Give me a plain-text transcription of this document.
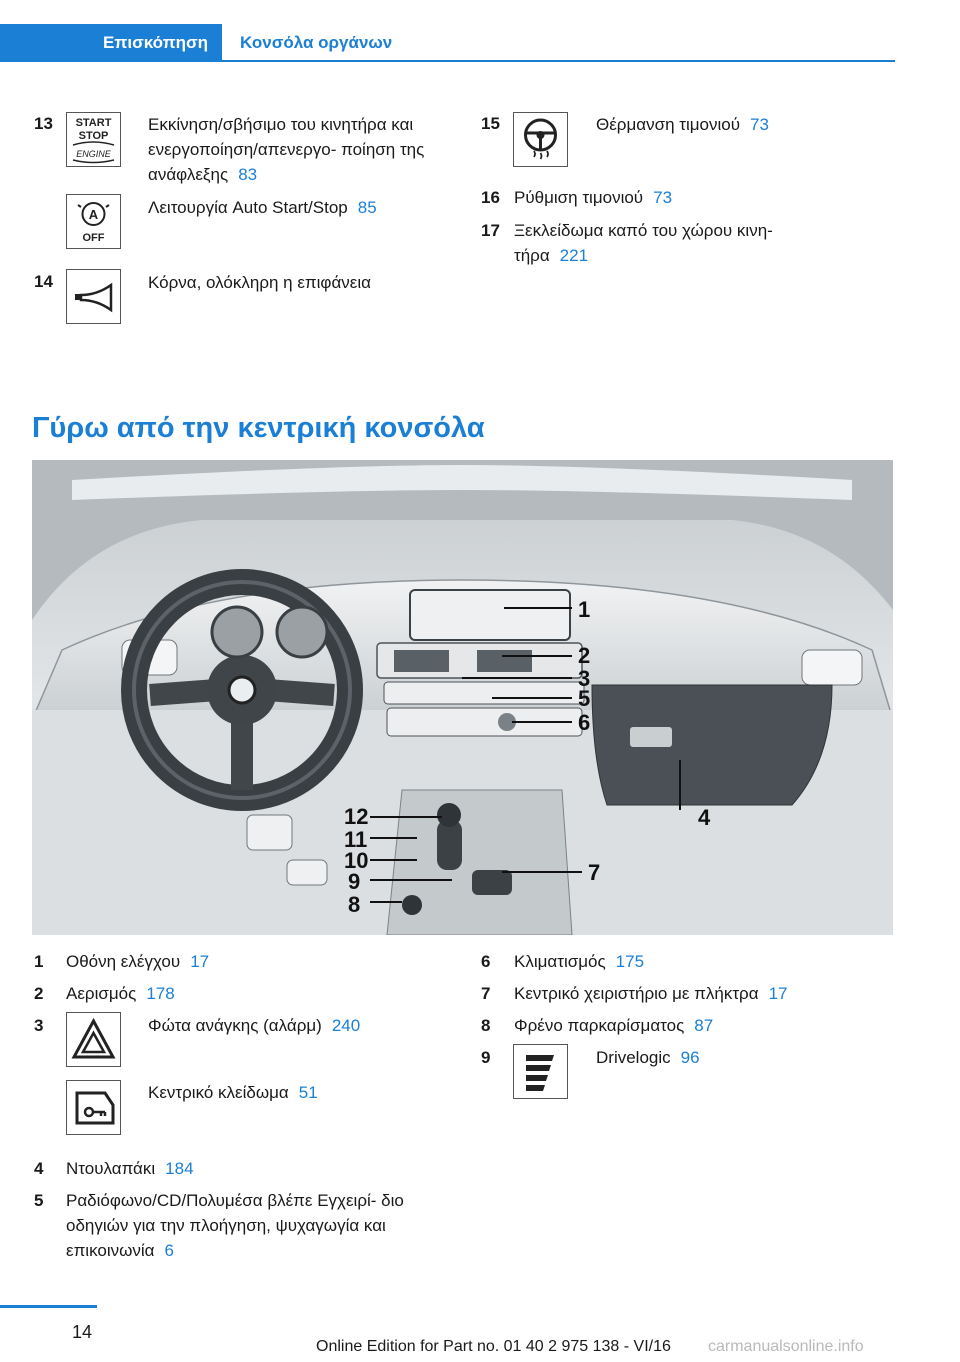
Επισκόπηση	Κονσόλα οργάνων
13 START
STOP
ENGINE
Εκκίνηση/σβήσιμο του κινητήρα και ενεργοποίηση/απενεργο- ποίηση της ανάφλεξης 83
A
OFF
Λειτουργία Auto Start/Stop 85
14	Κόρνα, ολόκληρη η επιφάνεια
15	Θέρμανση τιμονιού 73
16 Ρύθμιση τιμονιού 73
17 Ξεκλείδωμα καπό του χώρου κινη- τήρα 221
Γύρω από την κεντρική κονσόλα
1
2
3
5
6
4
12
11
10
9
8
7
1 Οθόνη ελέγχου 17
2 Αερισμός 178
3	Φώτα ανάγκης (αλάρμ) 240
Κεντρικό κλείδωμα 51
4 Ντουλαπάκι 184
5 Ραδιόφωνο/CD/Πολυμέσα βλέπε Εγχειρί- διο οδηγιών για την πλοήγηση, ψυχαγωγία και επικοινωνία 6
6 Κλιματισμός 175
7 Κεντρικό χειριστήριο με πλήκτρα 17
8 Φρένο παρκαρίσματος 87
9	Drivelogic 96
14
Online Edition for Part no. 01 40 2 975 138 - VI/16 carmanualsonline.info
